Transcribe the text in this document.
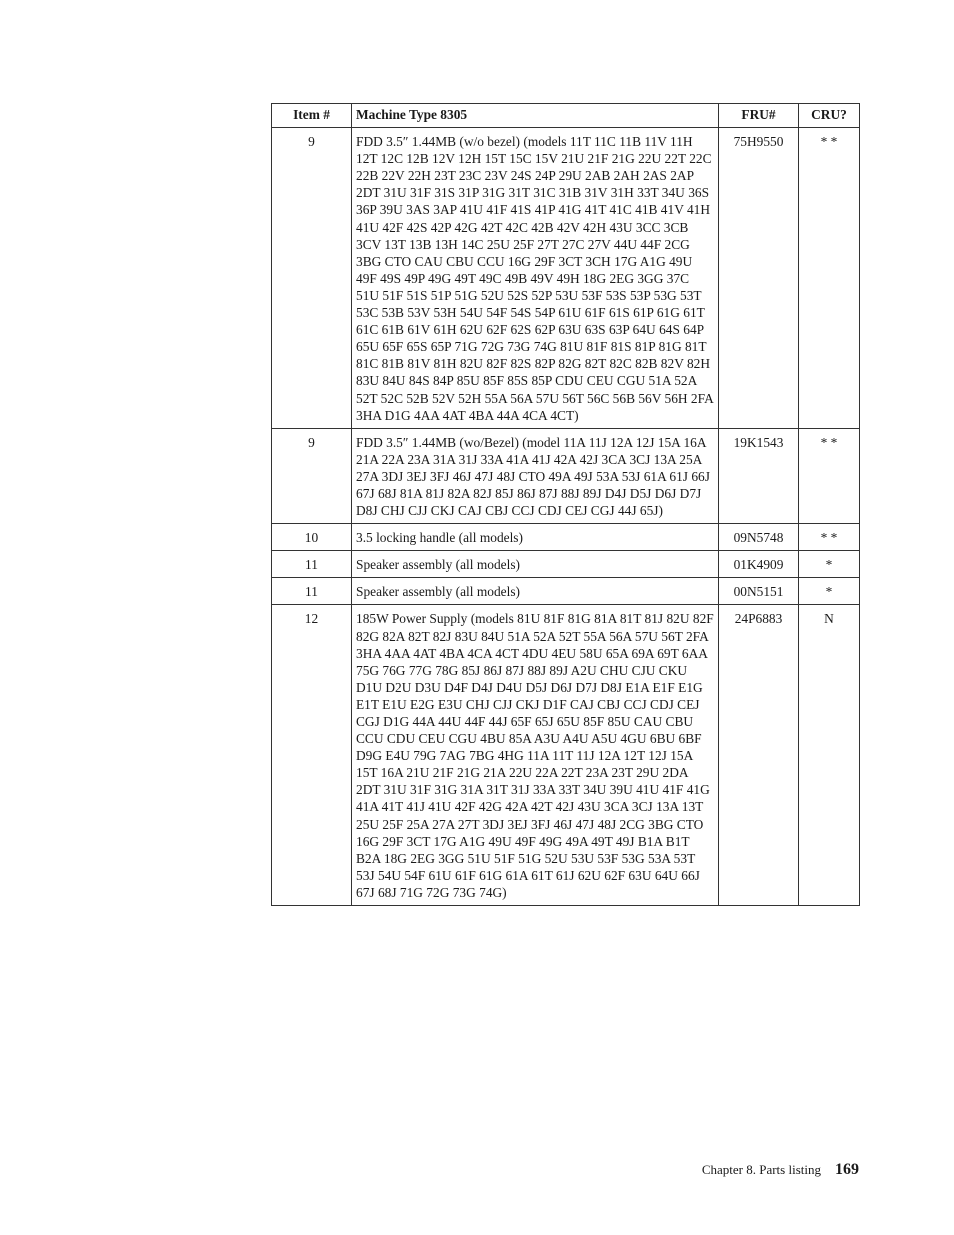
Item #	Machine Type 8305	FRU#	CRU?
9	FDD 3.5″ 1.44MB (w/o bezel) (models 11T 11C 11B 11V 11H 12T 12C 12B 12V 12H 15T 15C 15V 21U 21F 21G 22U 22T 22C 22B 22V 22H 23T 23C 23V 24S 24P 29U 2AB 2AH 2AS 2AP 2DT 31U 31F 31S 31P 31G 31T 31C 31B 31V 31H 33T 34U 36S 36P 39U 3AS 3AP 41U 41F 41S 41P 41G 41T 41C 41B 41V 41H 41U 42F 42S 42P 42G 42T 42C 42B 42V 42H 43U 3CC 3CB 3CV 13T 13B 13H 14C 25U 25F 27T 27C 27V 44U 44F 2CG 3BG CTO CAU CBU CCU 16G 29F 3CT 3CH 17G A1G 49U 49F 49S 49P 49G 49T 49C 49B 49V 49H 18G 2EG 3GG 37C 51U 51F 51S 51P 51G 52U 52S 52P 53U 53F 53S 53P 53G 53T 53C 53B 53V 53H 54U 54F 54S 54P 61U 61F 61S 61P 61G 61T 61C 61B 61V 61H 62U 62F 62S 62P 63U 63S 63P 64U 64S 64P 65U 65F 65S 65P 71G 72G 73G 74G 81U 81F 81S 81P 81G 81T 81C 81B 81V 81H 82U 82F 82S 82P 82G 82T 82C 82B 82V 82H 83U 84U 84S 84P 85U 85F 85S 85P CDU CEU CGU 51A 52A 52T 52C 52B 52V 52H 55A 56A 57U 56T 56C 56B 56V 56H 2FA 3HA D1G 4AA 4AT 4BA 44A 4CA 4CT)	75H9550	* *
9	FDD 3.5″ 1.44MB (wo/Bezel) (model 11A 11J 12A 12J 15A 16A 21A 22A 23A 31A 31J 33A 41A 41J 42A 42J 3CA 3CJ 13A 25A 27A 3DJ 3EJ 3FJ 46J 47J 48J CTO 49A 49J 53A 53J 61A 61J 66J 67J 68J 81A 81J 82A 82J 85J 86J 87J 88J 89J D4J D5J D6J D7J D8J CHJ CJJ CKJ CAJ CBJ CCJ CDJ CEJ CGJ 44J 65J)	19K1543	* *
10	3.5 locking handle (all models)	09N5748	* *
11	Speaker assembly (all models)	01K4909	*
11	Speaker assembly (all models)	00N5151	*
12	185W Power Supply (models 81U 81F 81G 81A 81T 81J 82U 82F 82G 82A 82T 82J 83U 84U 51A 52A 52T 55A 56A 57U 56T 2FA 3HA 4AA 4AT 4BA 4CA 4CT 4DU 4EU 58U 65A 69A 69T 6AA 75G 76G 77G 78G 85J 86J 87J 88J 89J A2U CHU CJU CKU D1U D2U D3U D4F D4J D4U D5J D6J D7J D8J E1A E1F E1G E1T E1U E2G E3U CHJ CJJ CKJ D1F CAJ CBJ CCJ CDJ CEJ CGJ D1G 44A 44U 44F 44J 65F 65J 65U 85F 85U CAU CBU CCU CDU CEU CGU 4BU 85A A3U A4U A5U 4GU 6BU 6BF D9G E4U 79G 7AG 7BG 4HG 11A 11T 11J 12A 12T 12J 15A 15T 16A 21U 21F 21G 21A 22U 22A 22T 23A 23T 29U 2DA 2DT 31U 31F 31G 31A 31T 31J 33A 33T 34U 39U 41U 41F 41G 41A 41T 41J 41U 42F 42G 42A 42T 42J 43U 3CA 3CJ 13A 13T 25U 25F 25A 27A 27T 3DJ 3EJ 3FJ 46J 47J 48J 2CG 3BG CTO 16G 29F 3CT 17G A1G 49U 49F 49G 49A 49T 49J B1A B1T B2A 18G 2EG 3GG 51U 51F 51G 52U 53U 53F 53G 53A 53T 53J 54U 54F 61U 61F 61G 61A 61T 61J 62U 62F 63U 64U 66J 67J 68J 71G 72G 73G 74G)	24P6883	N
Chapter 8. Parts listing 169
